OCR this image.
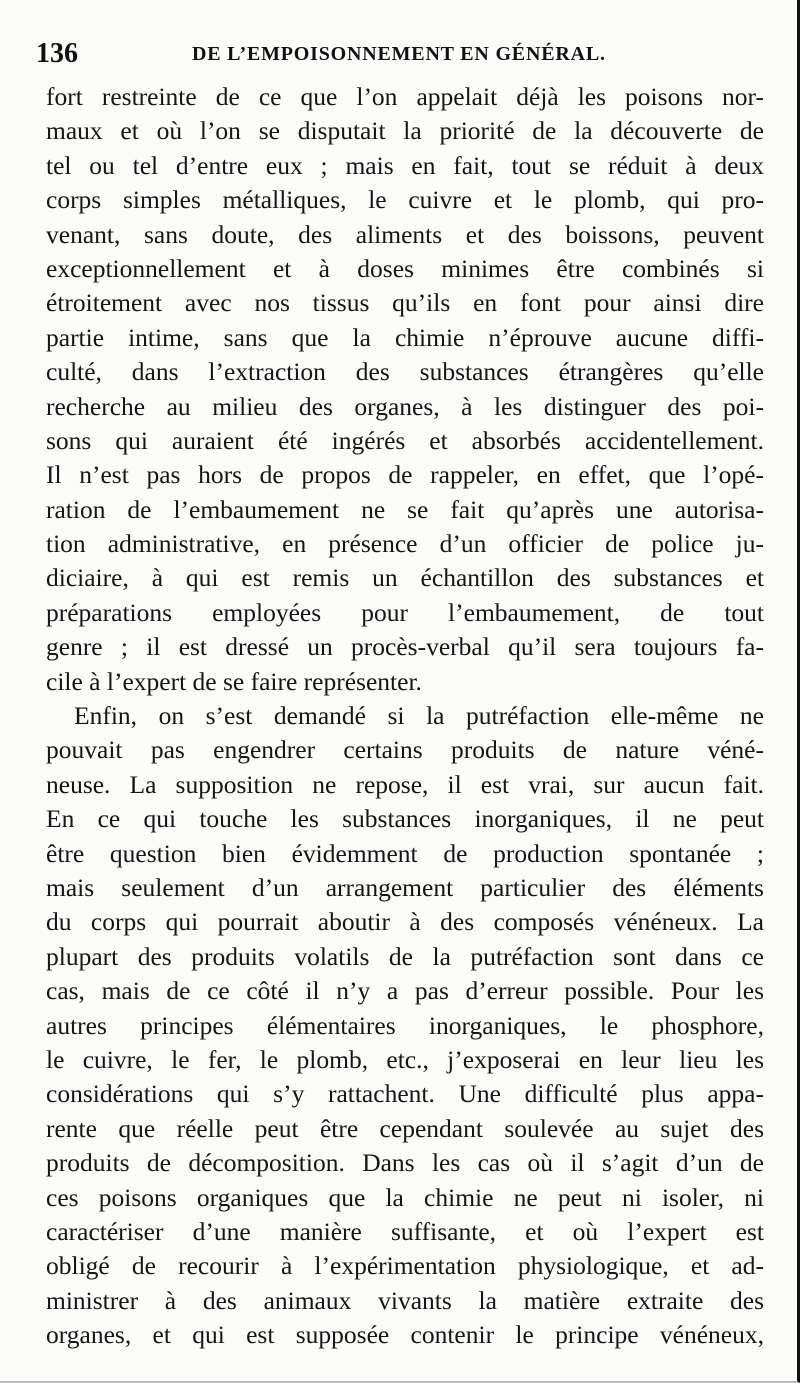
136	DE L’EMPOISONNEMENT EN GÉNÉRAL.
fort restreinte de ce que l’on appelait déjà les poisons nor-
maux et où l’on se disputait la priorité de la découverte de
tel ou tel d’entre eux ; mais en fait, tout se réduit à deux
corps simples métalliques, le cuivre et le plomb, qui pro-
venant, sans doute, des aliments et des boissons, peuvent
exceptionnellement et à doses minimes être combinés si
étroitement avec nos tissus qu’ils en font pour ainsi dire
partie intime, sans que la chimie n’éprouve aucune diffi-
culté, dans l’extraction des substances étrangères qu’elle
recherche au milieu des organes, à les distinguer des poi-
sons qui auraient été ingérés et absorbés accidentellement.
Il n’est pas hors de propos de rappeler, en effet, que l’opé-
ration de l’embaumement ne se fait qu’après une autorisa-
tion administrative, en présence d’un officier de police ju-
diciaire, à qui est remis un échantillon des substances et
préparations employées pour l’embaumement, de tout
genre ; il est dressé un procès-verbal qu’il sera toujours fa-
cile à l’expert de se faire représenter.
Enfin, on s’est demandé si la putréfaction elle-même ne
pouvait pas engendrer certains produits de nature véné-
neuse. La supposition ne repose, il est vrai, sur aucun fait.
En ce qui touche les substances inorganiques, il ne peut
être question bien évidemment de production spontanée ;
mais seulement d’un arrangement particulier des éléments
du corps qui pourrait aboutir à des composés vénéneux. La
plupart des produits volatils de la putréfaction sont dans ce
cas, mais de ce côté il n’y a pas d’erreur possible. Pour les
autres principes élémentaires inorganiques, le phosphore,
le cuivre, le fer, le plomb, etc., j’exposerai en leur lieu les
considérations qui s’y rattachent. Une difficulté plus appa-
rente que réelle peut être cependant soulevée au sujet des
produits de décomposition. Dans les cas où il s’agit d’un de
ces poisons organiques que la chimie ne peut ni isoler, ni
caractériser d’une manière suffisante, et où l’expert est
obligé de recourir à l’expérimentation physiologique, et ad-
ministrer à des animaux vivants la matière extraite des
organes, et qui est supposée contenir le principe vénéneux,
